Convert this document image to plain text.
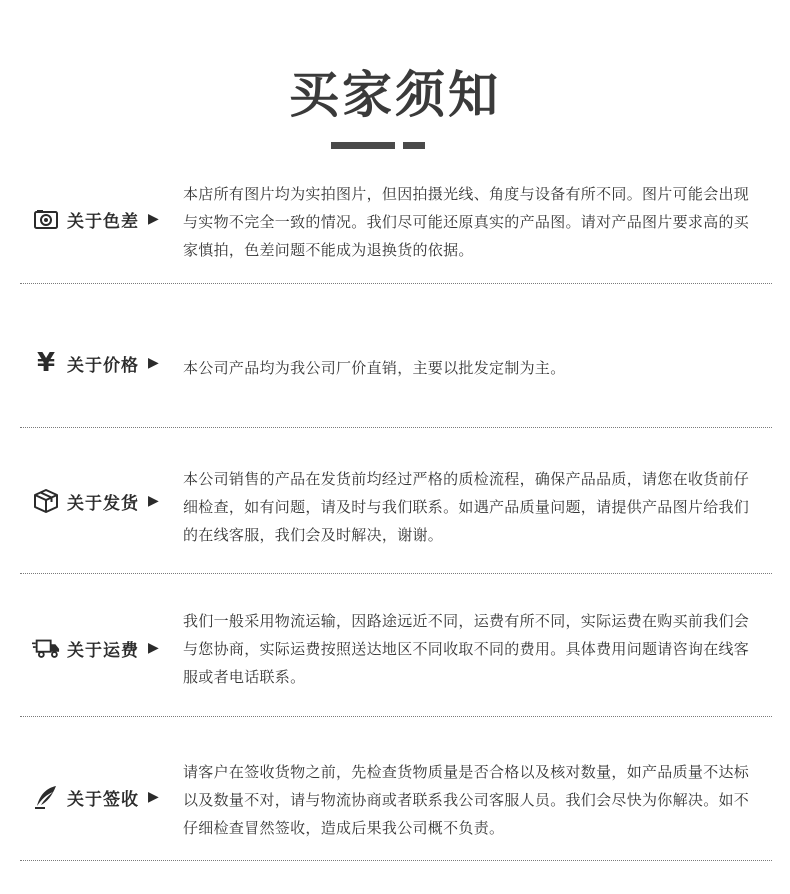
买家须知
关于色差 ▶
本店所有图片均为实拍图片，但因拍摄光线、角度与设备有所不同。图片可能会出现与实物不完全一致的情况。我们尽可能还原真实的产品图。请对产品图片要求高的买家慎拍，色差问题不能成为退换货的依据。
¥ 关于价格 ▶ 本公司产品均为我公司厂价直销，主要以批发定制为主。
关于发货 ▶
本公司销售的产品在发货前均经过严格的质检流程，确保产品品质，请您在收货前仔细检查，如有问题，请及时与我们联系。如遇产品质量问题，请提供产品图片给我们的在线客服，我们会及时解决，谢谢。
关于运费 ▶
我们一般采用物流运输，因路途远近不同，运费有所不同，实际运费在购买前我们会与您协商，实际运费按照送达地区不同收取不同的费用。具体费用问题请咨询在线客服或者电话联系。
关于签收 ▶
请客户在签收货物之前，先检查货物质量是否合格以及核对数量，如产品质量不达标以及数量不对，请与物流协商或者联系我公司客服人员。我们会尽快为你解决。如不仔细检查冒然签收，造成后果我公司概不负责。
